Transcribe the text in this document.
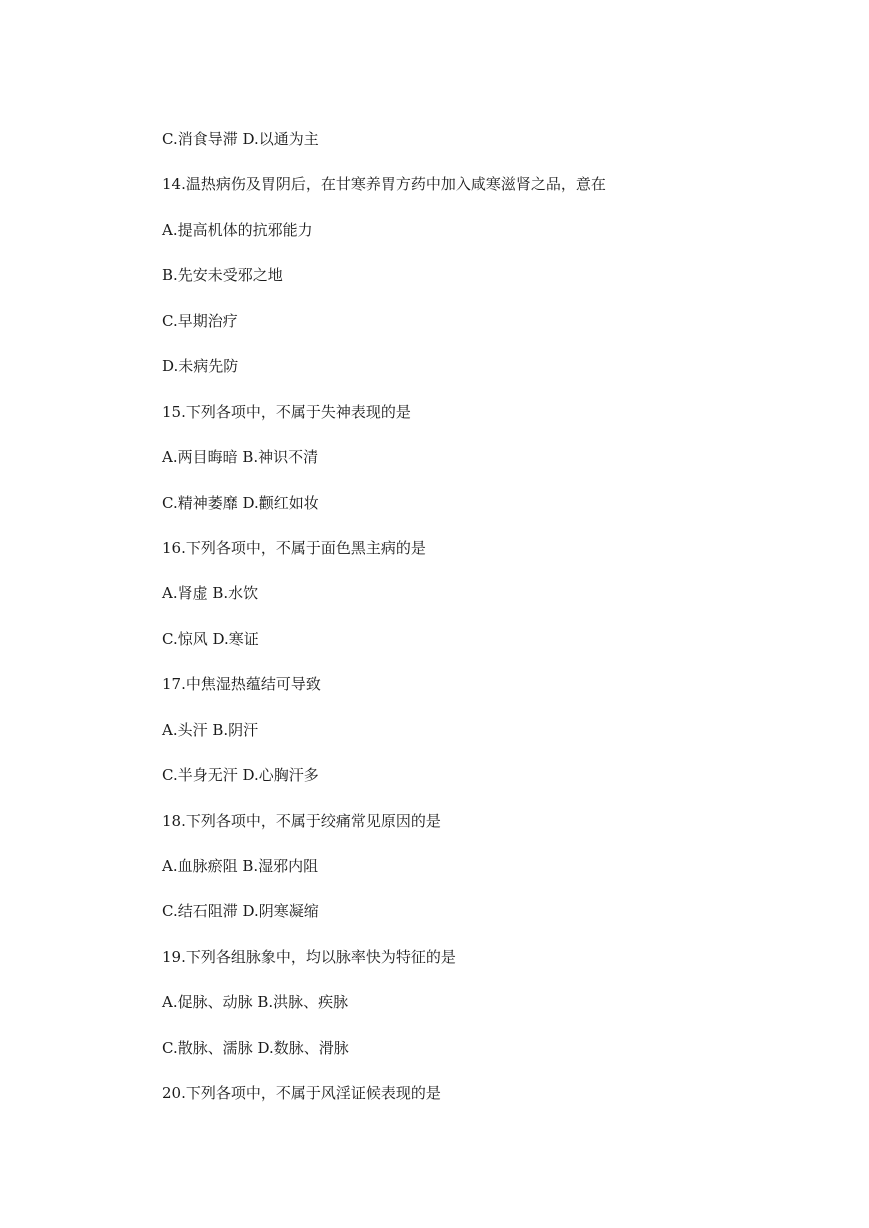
C.消食导滞 D.以通为主
14.温热病伤及胃阴后，在甘寒养胃方药中加入咸寒滋肾之品，意在
A.提高机体的抗邪能力
B.先安未受邪之地
C.早期治疗
D.未病先防
15.下列各项中，不属于失神表现的是
A.两目晦暗 B.神识不清
C.精神萎靡 D.颧红如妆
16.下列各项中，不属于面色黑主病的是
A.肾虚 B.水饮
C.惊风 D.寒证
17.中焦湿热蕴结可导致
A.头汗 B.阴汗
C.半身无汗 D.心胸汗多
18.下列各项中，不属于绞痛常见原因的是
A.血脉瘀阻 B.湿邪内阻
C.结石阻滞 D.阴寒凝缩
19.下列各组脉象中，均以脉率快为特征的是
A.促脉、动脉 B.洪脉、疾脉
C.散脉、濡脉 D.数脉、滑脉
20.下列各项中，不属于风淫证候表现的是
